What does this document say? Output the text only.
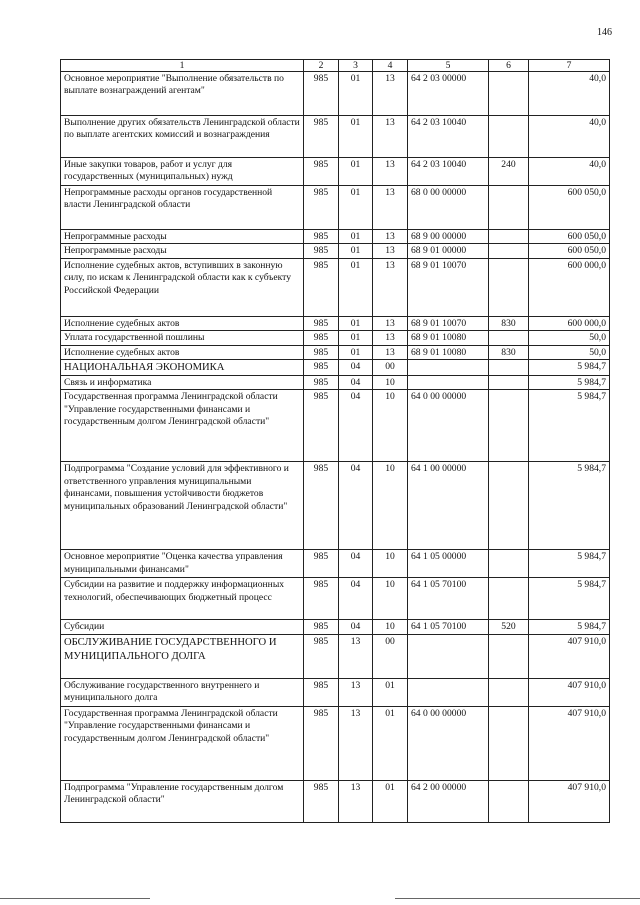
146
1	2	3	4	5	6	7
Основное мероприятие "Выполнение обязательств по выплате вознаграждений агентам"	985	01	13	64 2 03 00000		40,0
Выполнение других обязательств Ленинградской области по выплате агентских комиссий и вознаграждения	985	01	13	64 2 03 10040		40,0
Иные закупки товаров, работ и услуг для государственных (муниципальных) нужд	985	01	13	64 2 03 10040	240	40,0
Непрограммные расходы органов государственной власти Ленинградской области	985	01	13	68 0 00 00000		600 050,0
Непрограммные расходы	985	01	13	68 9 00 00000		600 050,0
Непрограммные расходы	985	01	13	68 9 01 00000		600 050,0
Исполнение судебных актов, вступивших в законную силу, по искам к Ленинградской области как к субъекту Российской Федерации	985	01	13	68 9 01 10070		600 000,0
Исполнение судебных актов	985	01	13	68 9 01 10070	830	600 000,0
Уплата государственной пошлины	985	01	13	68 9 01 10080		50,0
Исполнение судебных актов	985	01	13	68 9 01 10080	830	50,0
НАЦИОНАЛЬНАЯ ЭКОНОМИКА	985	04	00			5 984,7
Связь и информатика	985	04	10			5 984,7
Государственная программа Ленинградской области "Управление государственными финансами и государственным долгом Ленинградской области"	985	04	10	64 0 00 00000		5 984,7
Подпрограмма "Создание условий для эффективного и ответственного управления муниципальными финансами, повышения устойчивости бюджетов муниципальных образований Ленинградской области"	985	04	10	64 1 00 00000		5 984,7
Основное мероприятие "Оценка качества управления муниципальными финансами"	985	04	10	64 1 05 00000		5 984,7
Субсидии на развитие и поддержку информационных технологий, обеспечивающих бюджетный процесс	985	04	10	64 1 05 70100		5 984,7
Субсидии	985	04	10	64 1 05 70100	520	5 984,7
ОБСЛУЖИВАНИЕ ГОСУДАРСТВЕННОГО И МУНИЦИПАЛЬНОГО ДОЛГА	985	13	00			407 910,0
Обслуживание государственного внутреннего и муниципального долга	985	13	01			407 910,0
Государственная программа Ленинградской области "Управление государственными финансами и государственным долгом Ленинградской области"	985	13	01	64 0 00 00000		407 910,0
Подпрограмма "Управление государственным долгом Ленинградской области"	985	13	01	64 2 00 00000		407 910,0
